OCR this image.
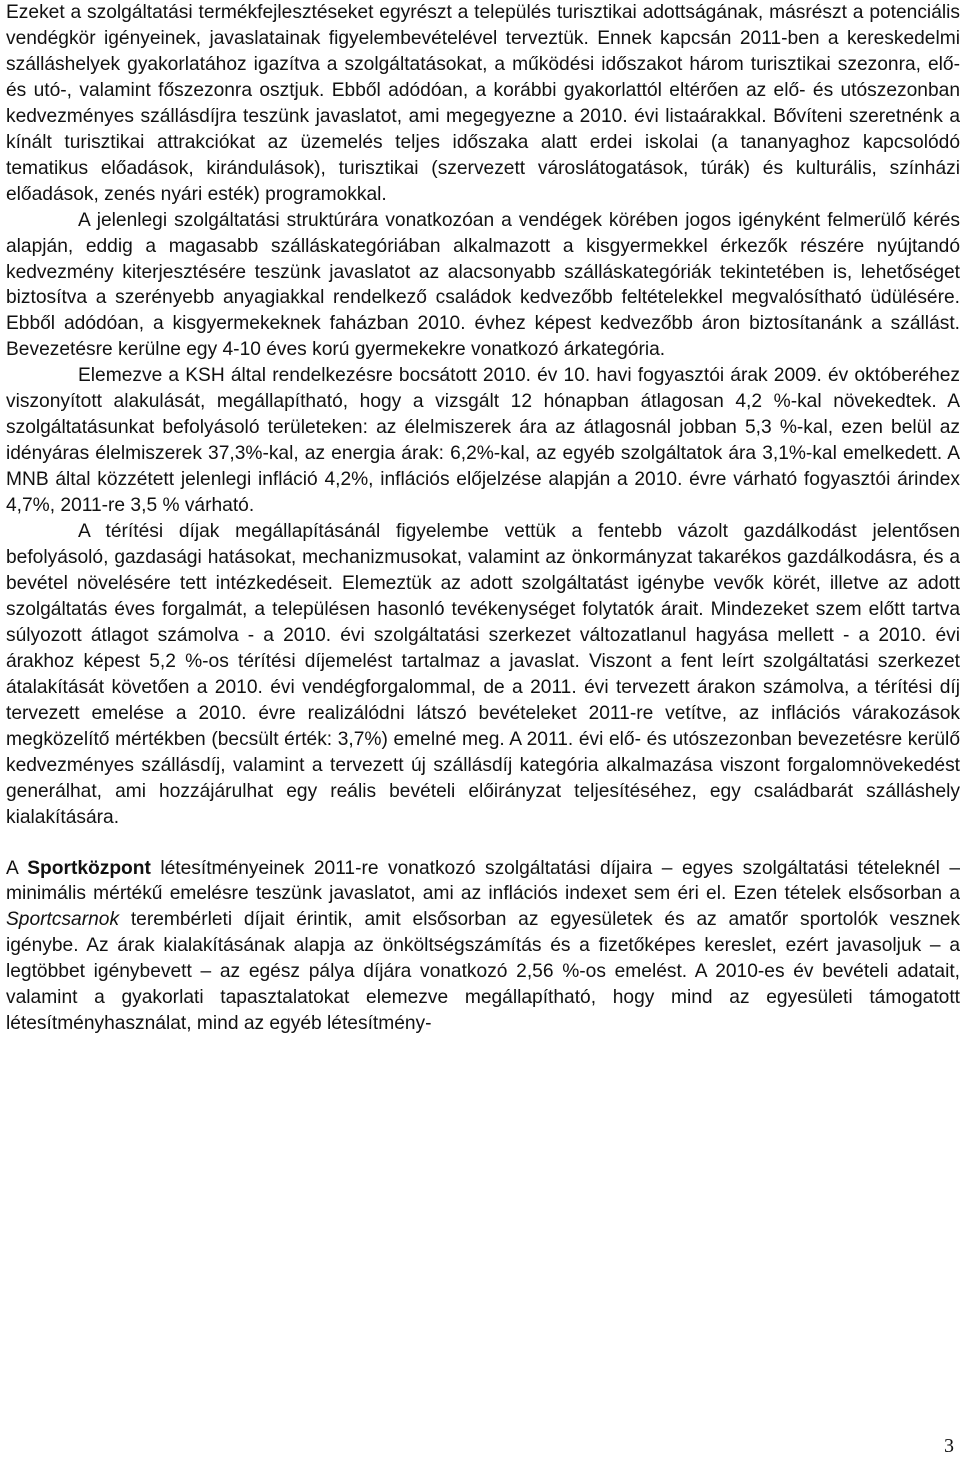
Ezeket a szolgáltatási termékfejlesztéseket egyrészt a település turisztikai adottságának, másrészt a potenciális vendégkör igényeinek, javaslatainak figyelembevételével terveztük. Ennek kapcsán 2011-ben a kereskedelmi szálláshelyek gyakorlatához igazítva a szolgáltatásokat, a működési időszakot három turisztikai szezonra, elő- és utó-, valamint főszezonra osztjuk. Ebből adódóan, a korábbi gyakorlattól eltérően az elő- és utószezonban kedvezményes szállásdíjra teszünk javaslatot, ami megegyezne a 2010. évi listaárakkal. Bővíteni szeretnénk a kínált turisztikai attrakciókat az üzemelés teljes időszaka alatt erdei iskolai (a tananyaghoz kapcsolódó tematikus előadások, kirándulások), turisztikai (szervezett városlátogatások, túrák) és kulturális, színházi előadások, zenés nyári esték) programokkal.

A jelenlegi szolgáltatási struktúrára vonatkozóan a vendégek körében jogos igényként felmerülő kérés alapján, eddig a magasabb szálláskategóriában alkalmazott a kisgyermekkel érkezők részére nyújtandó kedvezmény kiterjesztésére teszünk javaslatot az alacsonyabb szálláskategóriák tekintetében is, lehetőséget biztosítva a szerényebb anyagiakkal rendelkező családok kedvezőbb feltételekkel megvalósítható üdülésére. Ebből adódóan, a kisgyermekeknek faházban 2010. évhez képest kedvezőbb áron biztosítanánk a szállást. Bevezetésre kerülne egy 4-10 éves korú gyermekekre vonatkozó árkategória.

Elemezve a KSH által rendelkezésre bocsátott 2010. év 10. havi fogyasztói árak 2009. év októberéhez viszonyított alakulását, megállapítható, hogy a vizsgált 12 hónapban átlagosan 4,2 %-kal növekedtek. A szolgáltatásunkat befolyásoló területeken: az élelmiszerek ára az átlagosnál jobban 5,3 %-kal, ezen belül az idényáras élelmiszerek 37,3%-kal, az energia árak: 6,2%-kal, az egyéb szolgáltatok ára 3,1%-kal emelkedett. A MNB által közzétett jelenlegi infláció 4,2%, inflációs előjelzése alapján a 2010. évre várható fogyasztói árindex 4,7%, 2011-re 3,5 % várható.

A térítési díjak megállapításánál figyelembe vettük a fentebb vázolt gazdálkodást jelentősen befolyásoló, gazdasági hatásokat, mechanizmusokat, valamint az önkormányzat takarékos gazdálkodásra, és a bevétel növelésére tett intézkedéseit. Elemeztük az adott szolgáltatást igénybe vevők körét, illetve az adott szolgáltatás éves forgalmát, a településen hasonló tevékenységet folytatók árait. Mindezeket szem előtt tartva súlyozott átlagot számolva - a 2010. évi szolgáltatási szerkezet változatlanul hagyása mellett - a 2010. évi árakhoz képest 5,2 %-os térítési díjemelést tartalmaz a javaslat. Viszont a fent leírt szolgáltatási szerkezet átalakítását követően a 2010. évi vendégforgalommal, de a 2011. évi tervezett árakon számolva, a térítési díj tervezett emelése a 2010. évre realizálódni látszó bevételeket 2011-re vetítve, az inflációs várakozások megközelítő mértékben (becsült érték: 3,7%) emelné meg. A 2011. évi elő- és utószezonban bevezetésre kerülő kedvezményes szállásdíj, valamint a tervezett új szállásdíj kategória alkalmazása viszont forgalomnövekedést generálhat, ami hozzájárulhat egy reális bevételi előirányzat teljesítéséhez, egy családbarát szálláshely kialakítására.

A Sportközpont létesítményeinek 2011-re vonatkozó szolgáltatási díjaira – egyes szolgáltatási tételeknél – minimális mértékű emelésre teszünk javaslatot, ami az inflációs indexet sem éri el. Ezen tételek elsősorban a Sportcsarnok terembérleti díjait érintik, amit elsősorban az egyesületek és az amatőr sportolók vesznek igénybe. Az árak kialakításának alapja az önköltségszámítás és a fizetőképes kereslet, ezért javasoljuk – a legtöbbet igénybevett – az egész pálya díjára vonatkozó 2,56 %-os emelést. A 2010-es év bevételi adatait, valamint a gyakorlati tapasztalatokat elemezve megállapítható, hogy mind az egyesületi támogatott létesítményhasználat, mind az egyéb létesítmény-

3
